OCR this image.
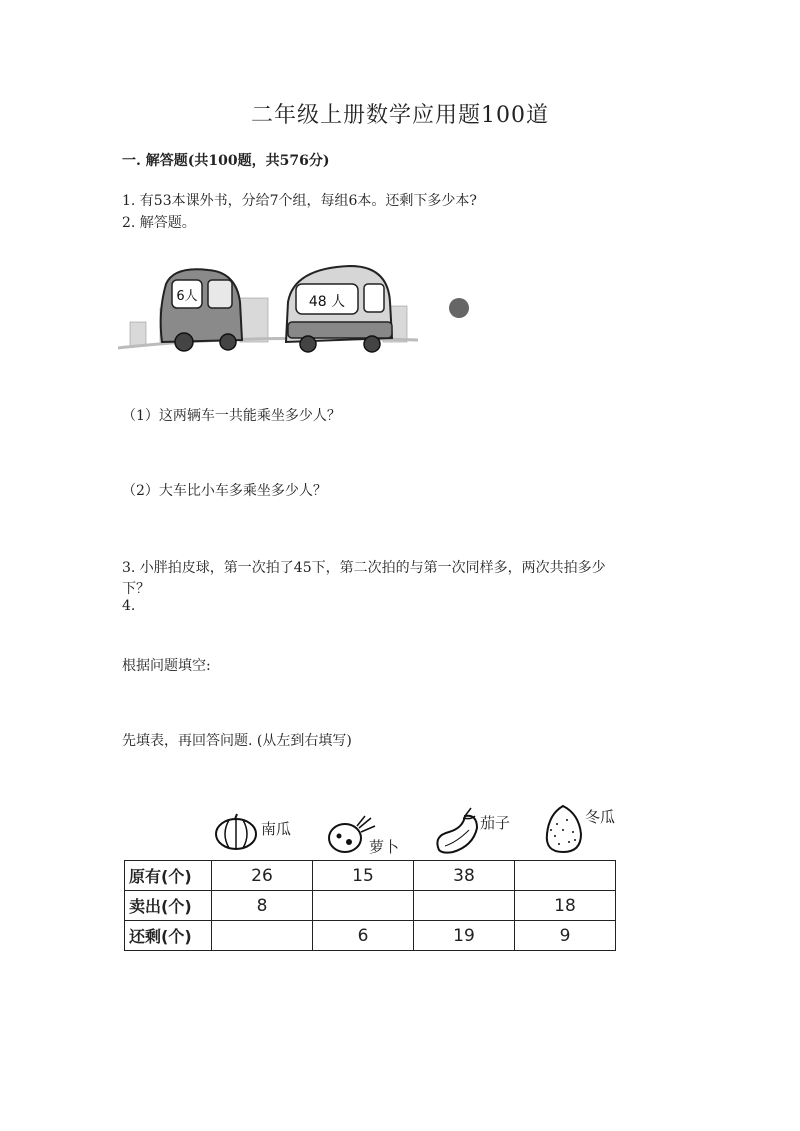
二年级上册数学应用题100道
一. 解答题(共100题，共576分)
1. 有53本课外书，分给7个组，每组6本。还剩下多少本?
2. 解答题。
6人	48 人
（1）这两辆车一共能乘坐多少人？
（2）大车比小车多乘坐多少人？
3. 小胖拍皮球，第一次拍了45下，第二次拍的与第一次同样多，两次共拍多少
下？
4.
根据问题填空:
先填表，再回答问题. (从左到右填写)
南瓜
萝卜
茄子	冬瓜
原有(个)	26	15	38	
卖出(个)	8			18
还剩(个)		6	19	9
